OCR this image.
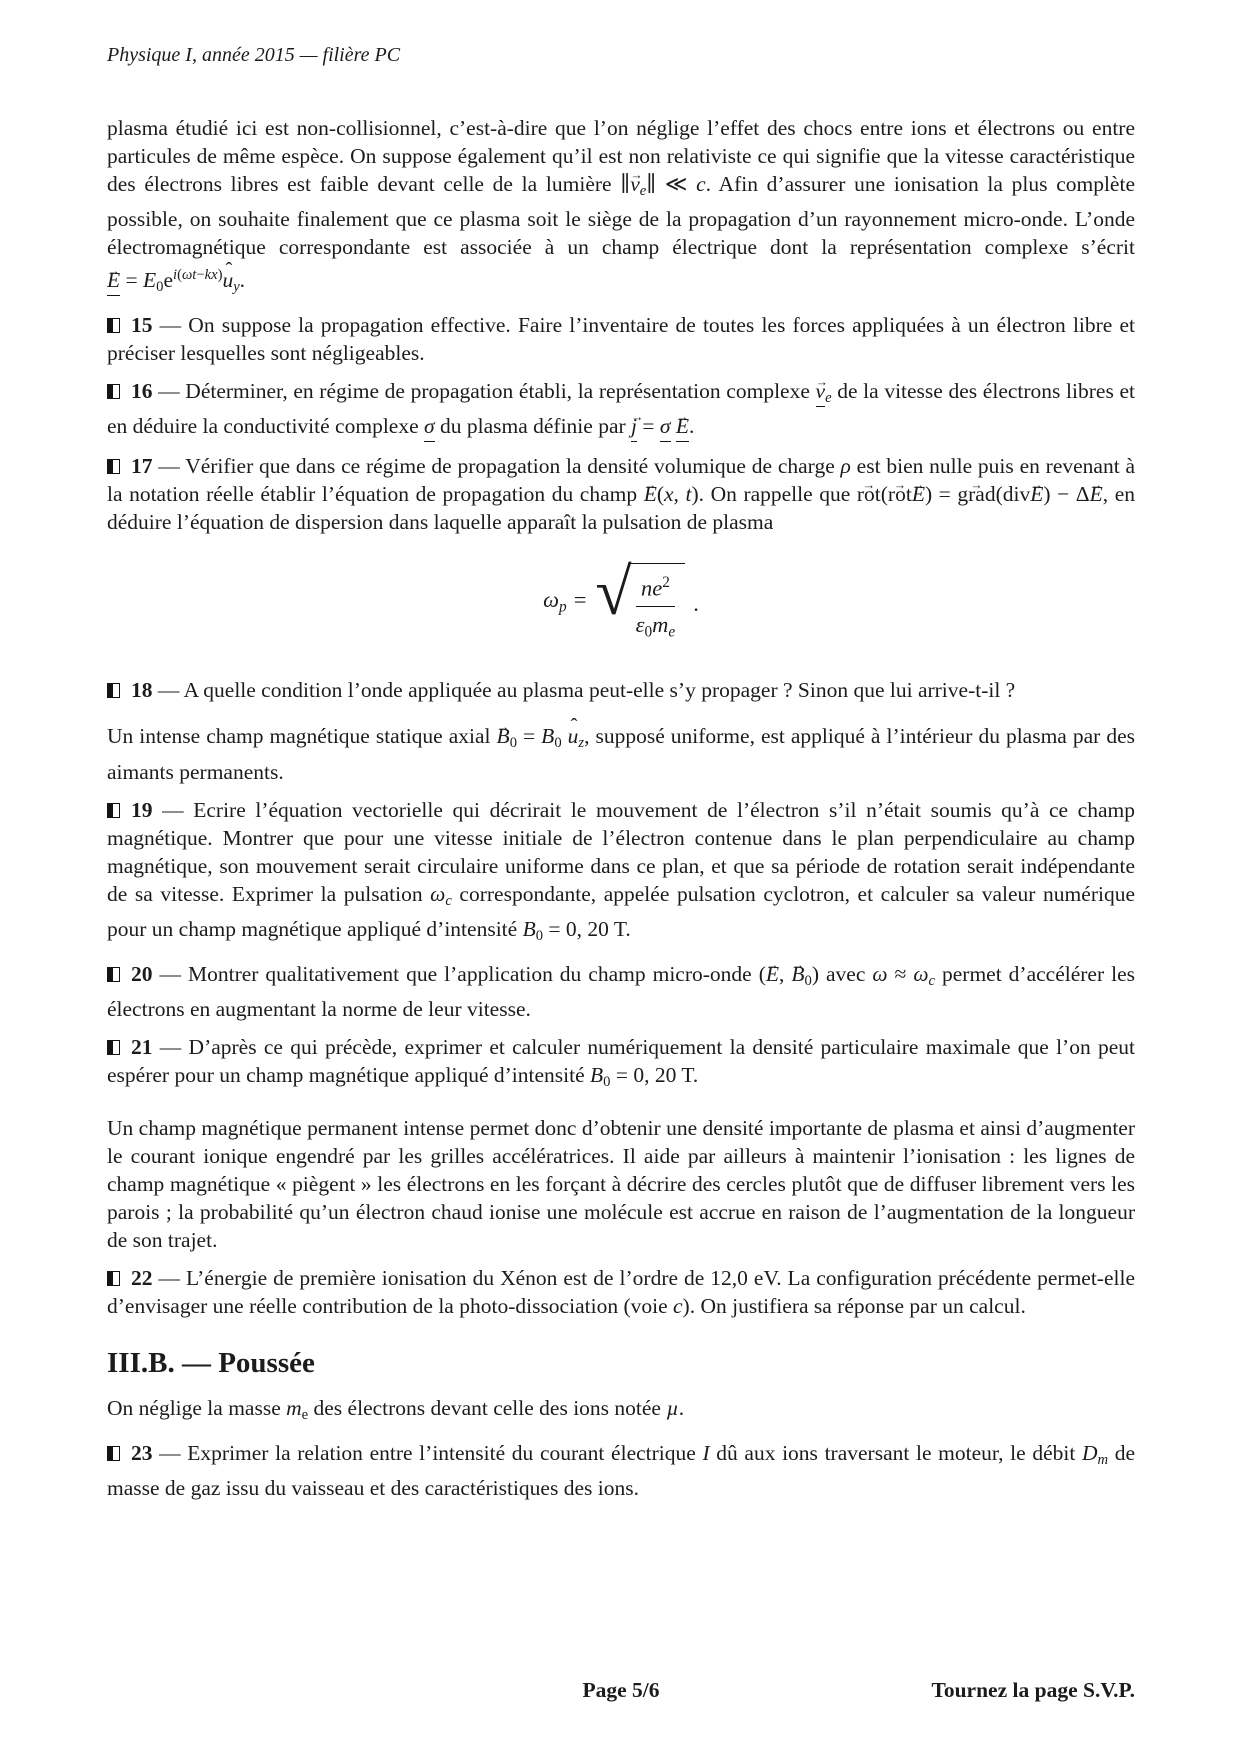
Physique I, année 2015 — filière PC

plasma étudié ici est non-collisionnel, c’est-à-dire que l’on néglige l’effet des chocs entre ions et électrons ou entre particules de même espèce. On suppose également qu’il est non relativiste ce qui signifie que la vitesse caractéristique des électrons libres est faible devant celle de la lumière ∥→ $v_e\parallel$ ≪ c. Afin d’assurer une ionisation la plus complète possible, on souhaite finalement que ce plasma soit le siège de la propagation d’un rayonnement micro-onde. L’onde électromagnétique correspondante est associée à un champ électrique dont la représentation complexe s’écrit → $E = E_0e^{i(\omega t-kx)}ˆ$ $u_y$.

15 — On suppose la propagation effective. Faire l’inventaire de toutes les forces appliquées à un électron libre et préciser lesquelles sont négligeables.

16 — Déterminer, en régime de propagation établi, la représentation complexe → $v_e$ de la vitesse des électrons libres et en déduire la conductivité complexe σ du plasma définie par → j = σ → E.

17 — Vérifier que dans ce régime de propagation la densité volumique de charge ρ est bien nulle puis en revenant à la notation réelle établir l’équation de propagation du champ → E(x, t). On rappelle que → rot(→ rot→ E) = → grad(div→ E) − Δ→ E, en déduire l’équation de dispersion dans laquelle apparaît la pulsation de plasma

$\omega_p$ = √ $\frac{ne^2}{\varepsilon_0m_e}$ .

18 — A quelle condition l’onde appliquée au plasma peut-elle s’y propager ? Sinon que lui arrive-t-il ?

Un intense champ magnétique statique axial → $B_0 = B_0$ ˆ $u_z$, supposé uniforme, est appliqué à l’intérieur du plasma par des aimants permanents.

19 — Ecrire l’équation vectorielle qui décrirait le mouvement de l’électron s’il n’était soumis qu’à ce champ magnétique. Montrer que pour une vitesse initiale de l’électron contenue dans le plan perpendiculaire au champ magnétique, son mouvement serait circulaire uniforme dans ce plan, et que sa période de rotation serait indépendante de sa vitesse. Exprimer la pulsation $\omega_c$ correspondante, appelée pulsation cyclotron, et calculer sa valeur numérique pour un champ magnétique appliqué d’intensité $B_0 = 0$, 20 T.

20 — Montrer qualitativement que l’application du champ micro-onde (→ E, → $B_0$) avec $\omega \approx \omega_c$ permet d’accélérer les électrons en augmentant la norme de leur vitesse.

21 — D’après ce qui précède, exprimer et calculer numériquement la densité particulaire maximale que l’on peut espérer pour un champ magnétique appliqué d’intensité $B_0 = 0$, 20 T.

Un champ magnétique permanent intense permet donc d’obtenir une densité importante de plasma et ainsi d’augmenter le courant ionique engendré par les grilles accélératrices. Il aide par ailleurs à maintenir l’ionisation : les lignes de champ magnétique « piègent » les électrons en les forçant à décrire des cercles plutôt que de diffuser librement vers les parois ; la probabilité qu’un électron chaud ionise une molécule est accrue en raison de l’augmentation de la longueur de son trajet.

22 — L’énergie de première ionisation du Xénon est de l’ordre de 12,0 eV. La configuration précédente permet-elle d’envisager une réelle contribution de la photo-dissociation (voie c). On justifiera sa réponse par un calcul.

III.B. — Poussée

On néglige la masse $m_e$ des électrons devant celle des ions notée µ.

23 — Exprimer la relation entre l’intensité du courant électrique I dû aux ions traversant le moteur, le débit $D_m$ de masse de gaz issu du vaisseau et des caractéristiques des ions.

Page 5/6	Tournez la page S.V.P.
